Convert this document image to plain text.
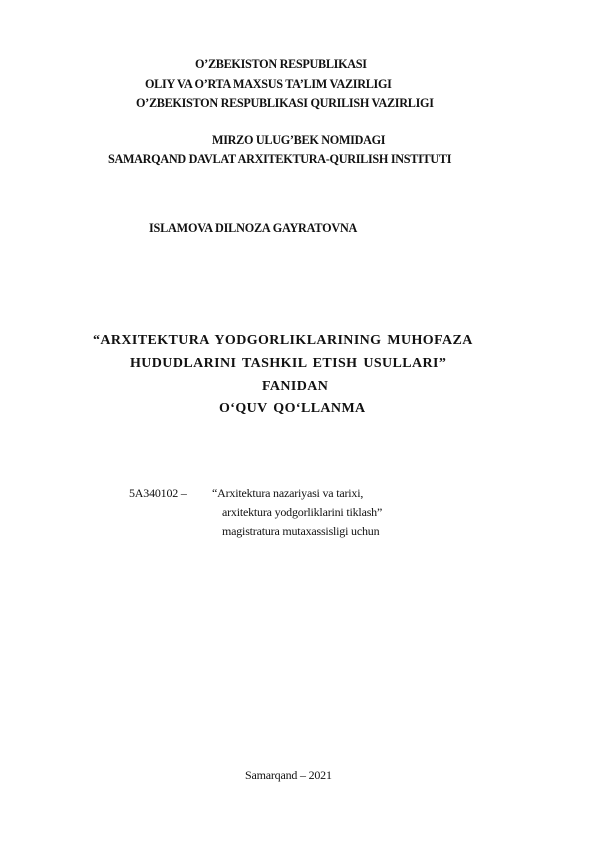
O’ZBEKISTON RESPUBLIKASI
OLIY VA O’RTA MAXSUS TA’LIM VAZIRLIGI
O’ZBEKISTON RESPUBLIKASI QURILISH VAZIRLIGI
MIRZO ULUG’BEK NOMIDAGI
SAMARQAND DAVLAT ARXITEKTURA-QURILISH INSTITUTI
ISLAMOVA DILNOZA GAYRATOVNA
“ARXITEKTURA YODGORLIKLARINING MUHOFAZA
HUDUDLARINI TASHKIL ETISH USULLARI”
FANIDAN
O‘QUV QO‘LLANMA
5A340102 – “Arxitektura nazariyasi va tarixi,
arxitektura yodgorliklarini tiklash”
magistratura mutaxassisligi uchun
Samarqand – 2021
